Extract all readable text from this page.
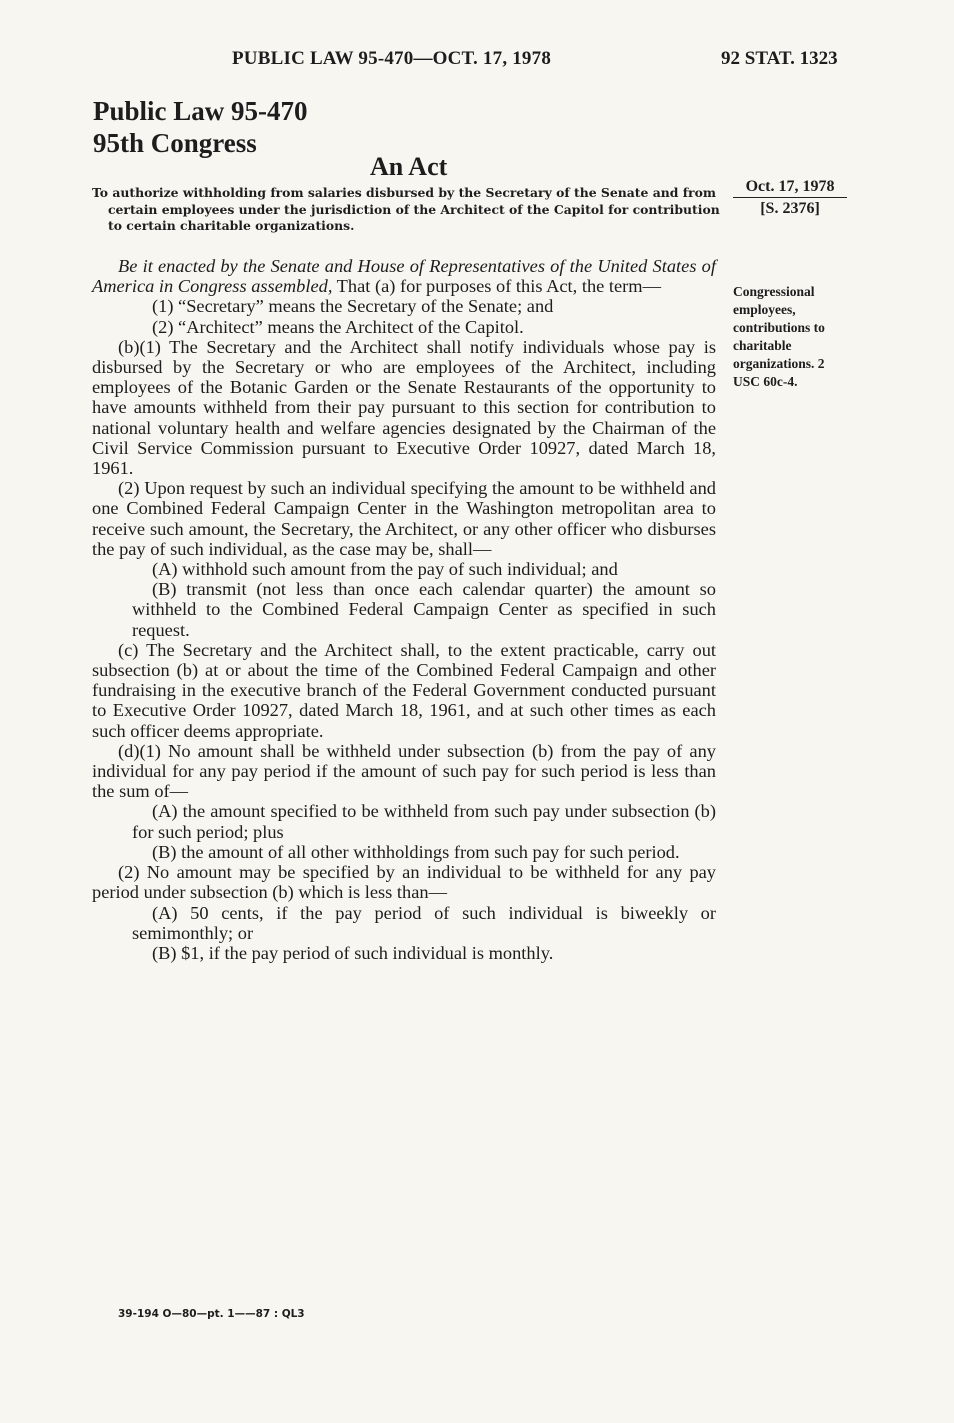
PUBLIC LAW 95-470—OCT. 17, 1978	92 STAT. 1323
Public Law 95-470
95th Congress
An Act
To authorize withholding from salaries disbursed by the Secretary of the Senate and from certain employees under the jurisdiction of the Architect of the Capitol for contribution to certain charitable organizations.
Oct. 17, 1978
[S. 2376]
Congressional employees, contributions to charitable organizations. 2 USC 60c-4.

Be it enacted by the Senate and House of Representatives of the United States of America in Congress assembled, That (a) for purposes of this Act, the term—

(1) “Secretary” means the Secretary of the Senate; and

(2) “Architect” means the Architect of the Capitol.

(b)(1) The Secretary and the Architect shall notify individuals whose pay is disbursed by the Secretary or who are employees of the Architect, including employees of the Botanic Garden or the Senate Restaurants of the opportunity to have amounts withheld from their pay pursuant to this section for contribution to national voluntary health and welfare agencies designated by the Chairman of the Civil Service Commission pursuant to Executive Order 10927, dated March 18, 1961.

(2) Upon request by such an individual specifying the amount to be withheld and one Combined Federal Campaign Center in the Washington metropolitan area to receive such amount, the Secretary, the Architect, or any other officer who disburses the pay of such individual, as the case may be, shall—

(A) withhold such amount from the pay of such individual; and

(B) transmit (not less than once each calendar quarter) the amount so withheld to the Combined Federal Campaign Center as specified in such request.

(c) The Secretary and the Architect shall, to the extent practicable, carry out subsection (b) at or about the time of the Combined Federal Campaign and other fundraising in the executive branch of the Federal Government conducted pursuant to Executive Order 10927, dated March 18, 1961, and at such other times as each such officer deems appropriate.

(d)(1) No amount shall be withheld under subsection (b) from the pay of any individual for any pay period if the amount of such pay for such period is less than the sum of—

(A) the amount specified to be withheld from such pay under subsection (b) for such period; plus

(B) the amount of all other withholdings from such pay for such period.

(2) No amount may be specified by an individual to be withheld for any pay period under subsection (b) which is less than—

(A) 50 cents, if the pay period of such individual is biweekly or semimonthly; or

(B) $1, if the pay period of such individual is monthly.

39-194 O—80—pt. 1——87 : QL3
